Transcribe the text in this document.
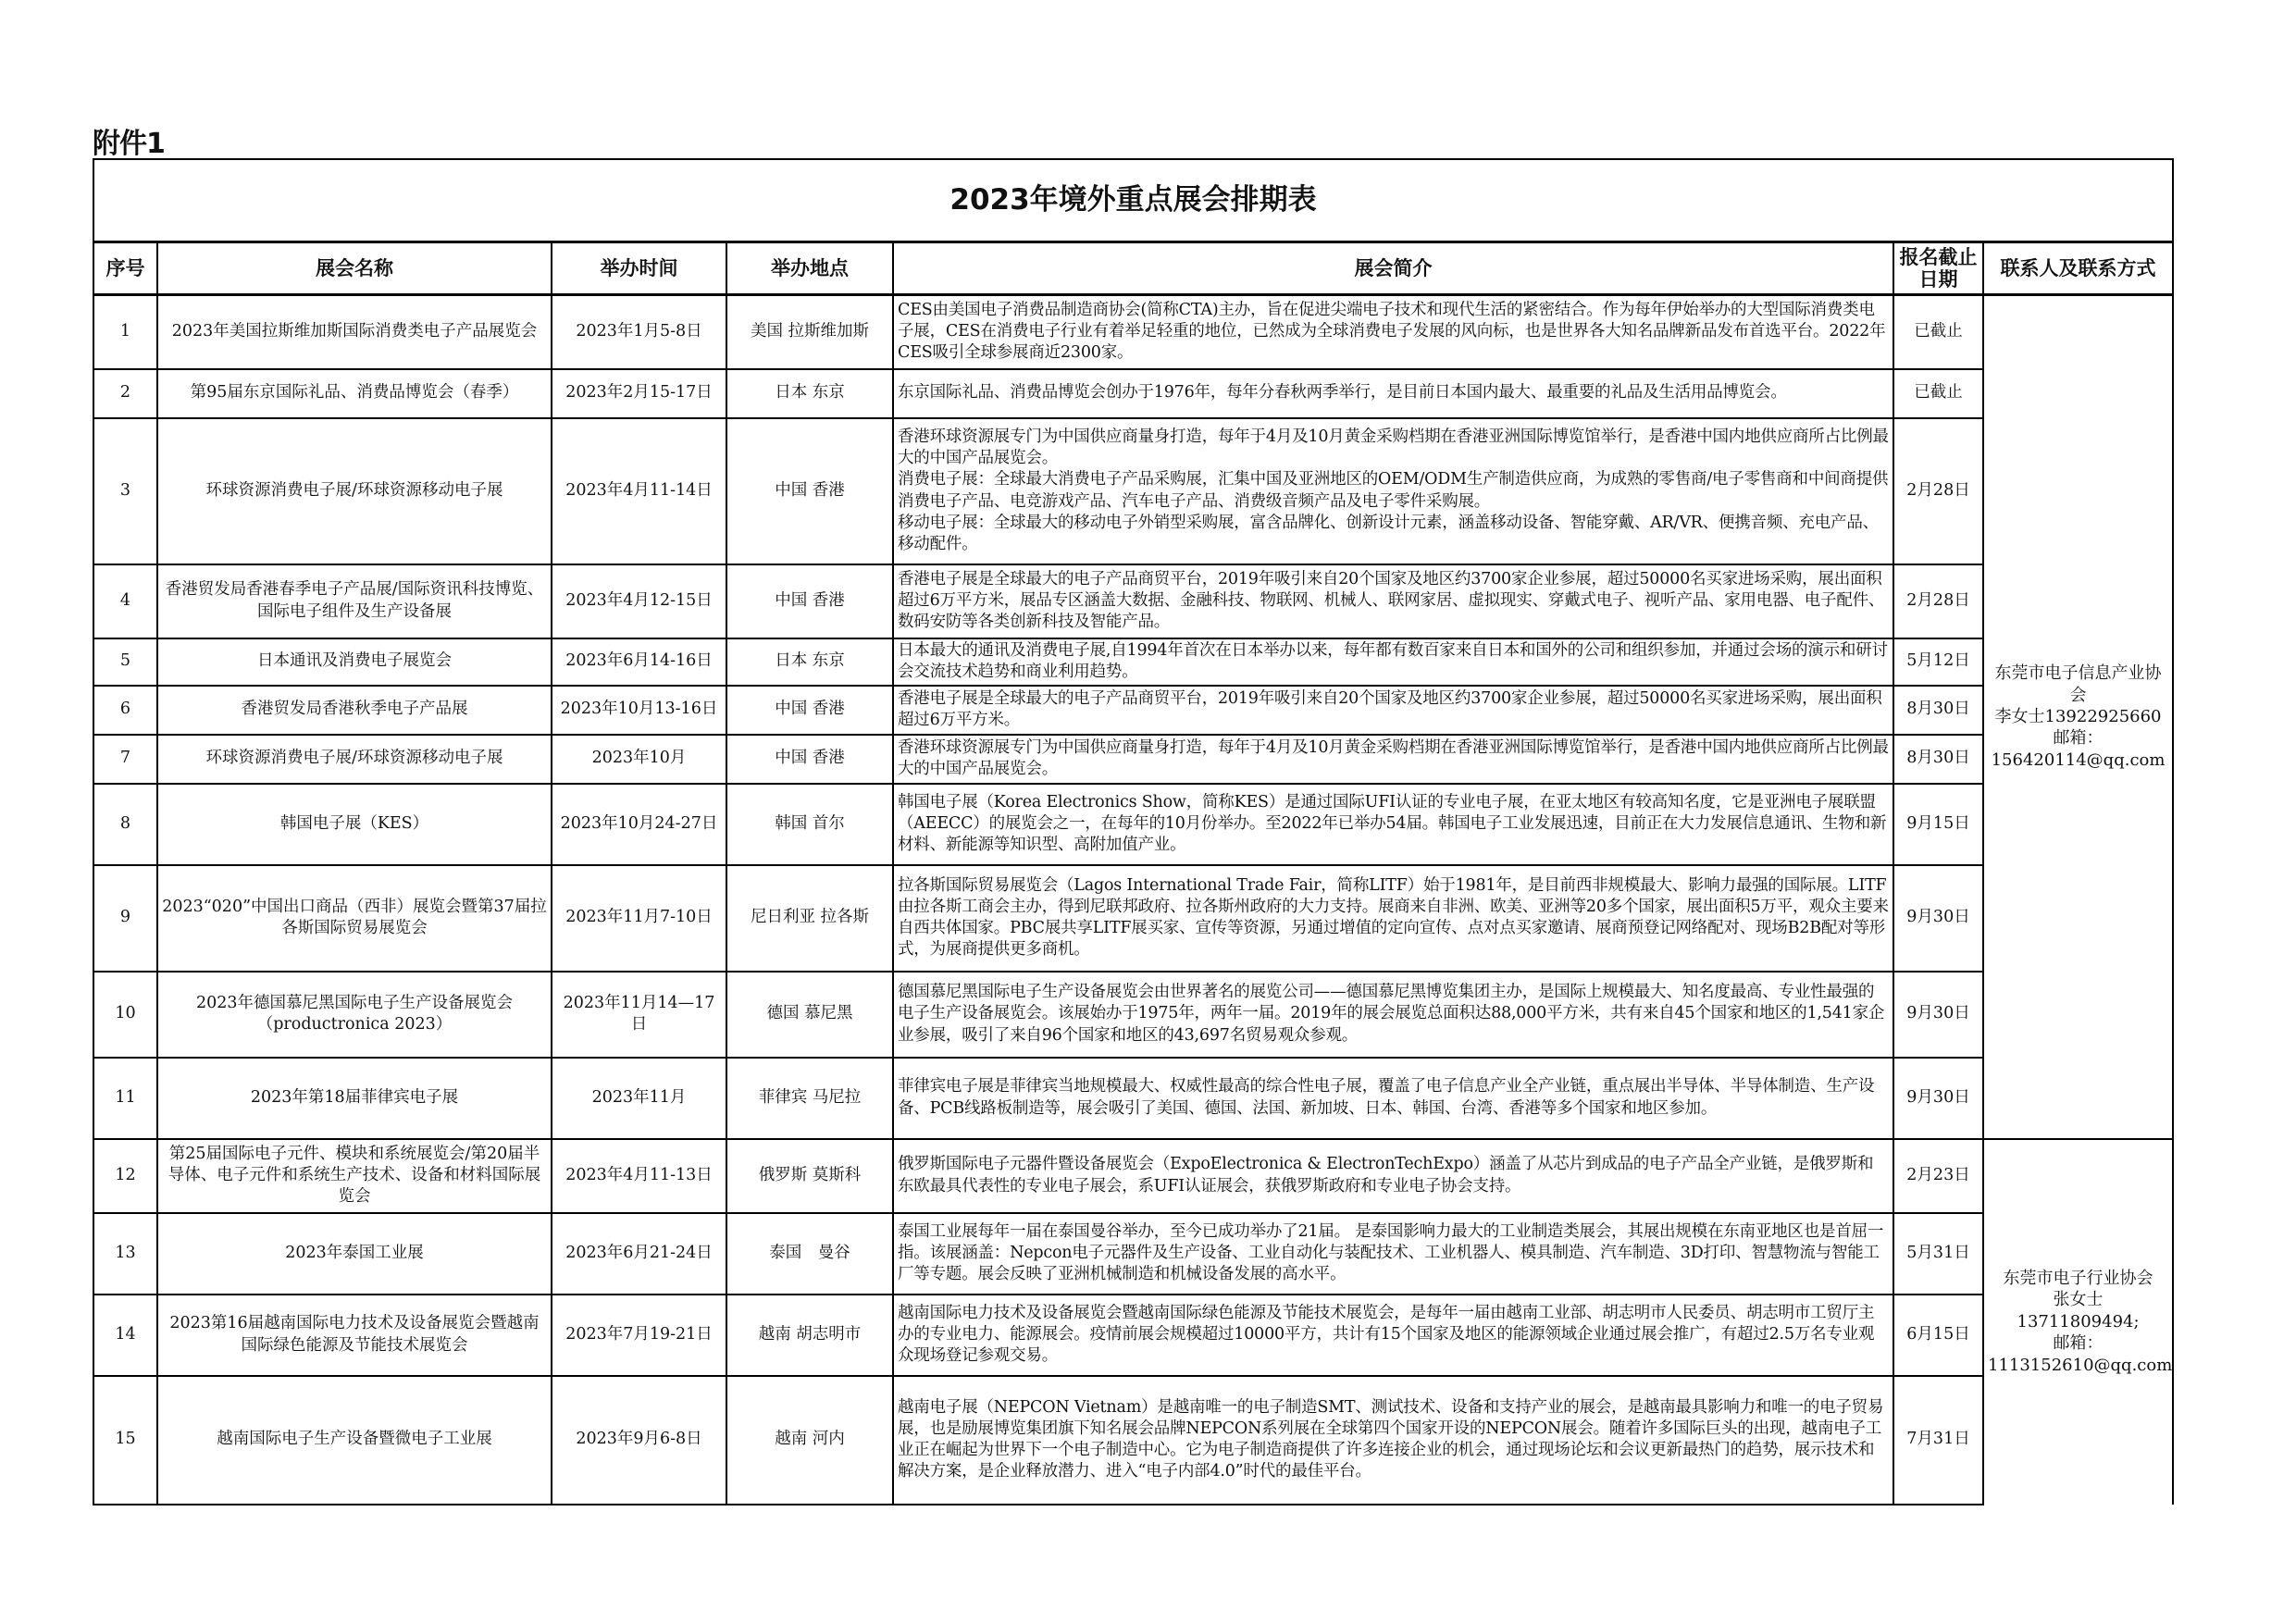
附件1
2023年境外重点展会排期表						
序号	展会名称	举办时间	举办地点	展会简介	报名截止日期	联系人及联系方式
1	2023年美国拉斯维加斯国际消费类电子产品展览会	2023年1月5-8日	美国 拉斯维加斯	CES由美国电子消费品制造商协会(简称CTA)主办，旨在促进尖端电子技术和现代生活的紧密结合。作为每年伊始举办的大型国际消费类电子展，CES在消费电子行业有着举足轻重的地位，已然成为全球消费电子发展的风向标，也是世界各大知名品牌新品发布首选平台。2022年CES吸引全球参展商近2300家。	已截止	东莞市电子信息产业协会
李女士13922925660
邮箱：
156420114@qq.com

2	第95届东京国际礼品、消费品博览会（春季）	2023年2月15-17日	日本 东京	东京国际礼品、消费品博览会创办于1976年，每年分春秋两季举行，是目前日本国内最大、最重要的礼品及生活用品博览会。	已截止	
3	环球资源消费电子展/环球资源移动电子展	2023年4月11-14日	中国 香港	香港环球资源展专门为中国供应商量身打造，每年于4月及10月黄金采购档期在香港亚洲国际博览馆举行，是香港中国内地供应商所占比例最大的中国产品展览会。
消费电子展：全球最大消费电子产品采购展，汇集中国及亚洲地区的OEM/ODM生产制造供应商，为成熟的零售商/电子零售商和中间商提供消费电子产品、电竞游戏产品、汽车电子产品、消费级音频产品及电子零件采购展。
移动电子展：全球最大的移动电子外销型采购展，富含品牌化、创新设计元素，涵盖移动设备、智能穿戴、AR/VR、便携音频、充电产品、移动配件。	2月28日	
4	香港贸发局香港春季电子产品展/国际资讯科技博览、国际电子组件及生产设备展	2023年4月12-15日	中国 香港	香港电子展是全球最大的电子产品商贸平台，2019年吸引来自20个国家及地区约3700家企业参展，超过50000名买家进场采购，展出面积超过6万平方米，展品专区涵盖大数据、金融科技、物联网、机械人、联网家居、虚拟现实、穿戴式电子、视听产品、家用电器、电子配件、数码安防等各类创新科技及智能产品。	2月28日	
5	日本通讯及消费电子展览会	2023年6月14-16日	日本 东京	日本最大的通讯及消费电子展,自1994年首次在日本举办以来，每年都有数百家来自日本和国外的公司和组织参加，并通过会场的演示和研讨会交流技术趋势和商业利用趋势。	5月12日	
6	香港贸发局香港秋季电子产品展	2023年10月13-16日	中国 香港	香港电子展是全球最大的电子产品商贸平台，2019年吸引来自20个国家及地区约3700家企业参展，超过50000名买家进场采购，展出面积超过6万平方米。	8月30日	
7	环球资源消费电子展/环球资源移动电子展	2023年10月	中国 香港	香港环球资源展专门为中国供应商量身打造，每年于4月及10月黄金采购档期在香港亚洲国际博览馆举行，是香港中国内地供应商所占比例最大的中国产品展览会。	8月30日	
8	韩国电子展（KES）	2023年10月24-27日	韩国 首尔	韩国电子展（Korea Electronics Show，简称KES）是通过国际UFI认证的专业电子展，在亚太地区有较高知名度，它是亚洲电子展联盟（AEECC）的展览会之一，在每年的10月份举办。至2022年已举办54届。韩国电子工业发展迅速，目前正在大力发展信息通讯、生物和新材料、新能源等知识型、高附加值产业。	9月15日	
9	2023“020”中国出口商品（西非）展览会暨第37届拉各斯国际贸易展览会	2023年11月7-10日	尼日利亚 拉各斯	拉各斯国际贸易展览会（Lagos International Trade Fair，简称LITF）始于1981年，是目前西非规模最大、影响力最强的国际展。LITF由拉各斯工商会主办，得到尼联邦政府、拉各斯州政府的大力支持。展商来自非洲、欧美、亚洲等20多个国家，展出面积5万平，观众主要来自西共体国家。PBC展共享LITF展买家、宣传等资源，另通过增值的定向宣传、点对点买家邀请、展商预登记网络配对、现场B2B配对等形式，为展商提供更多商机。	9月30日	
10	2023年德国慕尼黑国际电子生产设备展览会（productronica 2023）	2023年11月14—17日	德国 慕尼黑	德国慕尼黑国际电子生产设备展览会由世界著名的展览公司——德国慕尼黑博览集团主办，是国际上规模最大、知名度最高、专业性最强的电子生产设备展览会。该展始办于1975年，两年一届。2019年的展会展览总面积达88,000平方米，共有来自45个国家和地区的1,541家企业参展，吸引了来自96个国家和地区的43,697名贸易观众参观。	9月30日	
11	2023年第18届菲律宾电子展	2023年11月	菲律宾 马尼拉	菲律宾电子展是菲律宾当地规模最大、权威性最高的综合性电子展，覆盖了电子信息产业全产业链，重点展出半导体、半导体制造、生产设备、PCB线路板制造等，展会吸引了美国、德国、法国、新加坡、日本、韩国、台湾、香港等多个国家和地区参加。	9月30日	
12	第25届国际电子元件、模块和系统展览会/第20届半导体、电子元件和系统生产技术、设备和材料国际展览会	2023年4月11-13日	俄罗斯 莫斯科	俄罗斯国际电子元器件暨设备展览会（ExpoElectronica & ElectronTechExpo）涵盖了从芯片到成品的电子产品全产业链，是俄罗斯和东欧最具代表性的专业电子展会，系UFI认证展会，获俄罗斯政府和专业电子协会支持。	2月23日	东莞市电子行业协会
张女士
13711809494;
邮箱：
1113152610@qq.com

13	2023年泰国工业展	2023年6月21-24日	泰国　曼谷	泰国工业展每年一届在泰国曼谷举办，至今已成功举办了21届。 是泰国影响力最大的工业制造类展会，其展出规模在东南亚地区也是首屈一指。该展涵盖：Nepcon电子元器件及生产设备、工业自动化与装配技术、工业机器人、模具制造、汽车制造、3D打印、智慧物流与智能工厂等专题。展会反映了亚洲机械制造和机械设备发展的高水平。	5月31日	
14	2023第16届越南国际电力技术及设备展览会暨越南国际绿色能源及节能技术展览会	2023年7月19-21日	越南 胡志明市	越南国际电力技术及设备展览会暨越南国际绿色能源及节能技术展览会，是每年一届由越南工业部、胡志明市人民委员、胡志明市工贸厅主办的专业电力、能源展会。疫情前展会规模超过10000平方，共计有15个国家及地区的能源领域企业通过展会推广，有超过2.5万名专业观众现场登记参观交易。	6月15日	
15	越南国际电子生产设备暨微电子工业展	2023年9月6-8日	越南 河内	越南电子展（NEPCON Vietnam）是越南唯一的电子制造SMT、测试技术、设备和支持产业的展会，是越南最具影响力和唯一的电子贸易展，也是励展博览集团旗下知名展会品牌NEPCON系列展在全球第四个国家开设的NEPCON展会。随着许多国际巨头的出现，越南电子工业正在崛起为世界下一个电子制造中心。它为电子制造商提供了许多连接企业的机会，通过现场论坛和会议更新最热门的趋势，展示技术和解决方案，是企业释放潜力、进入“电子内部4.0”时代的最佳平台。	7月31日	
